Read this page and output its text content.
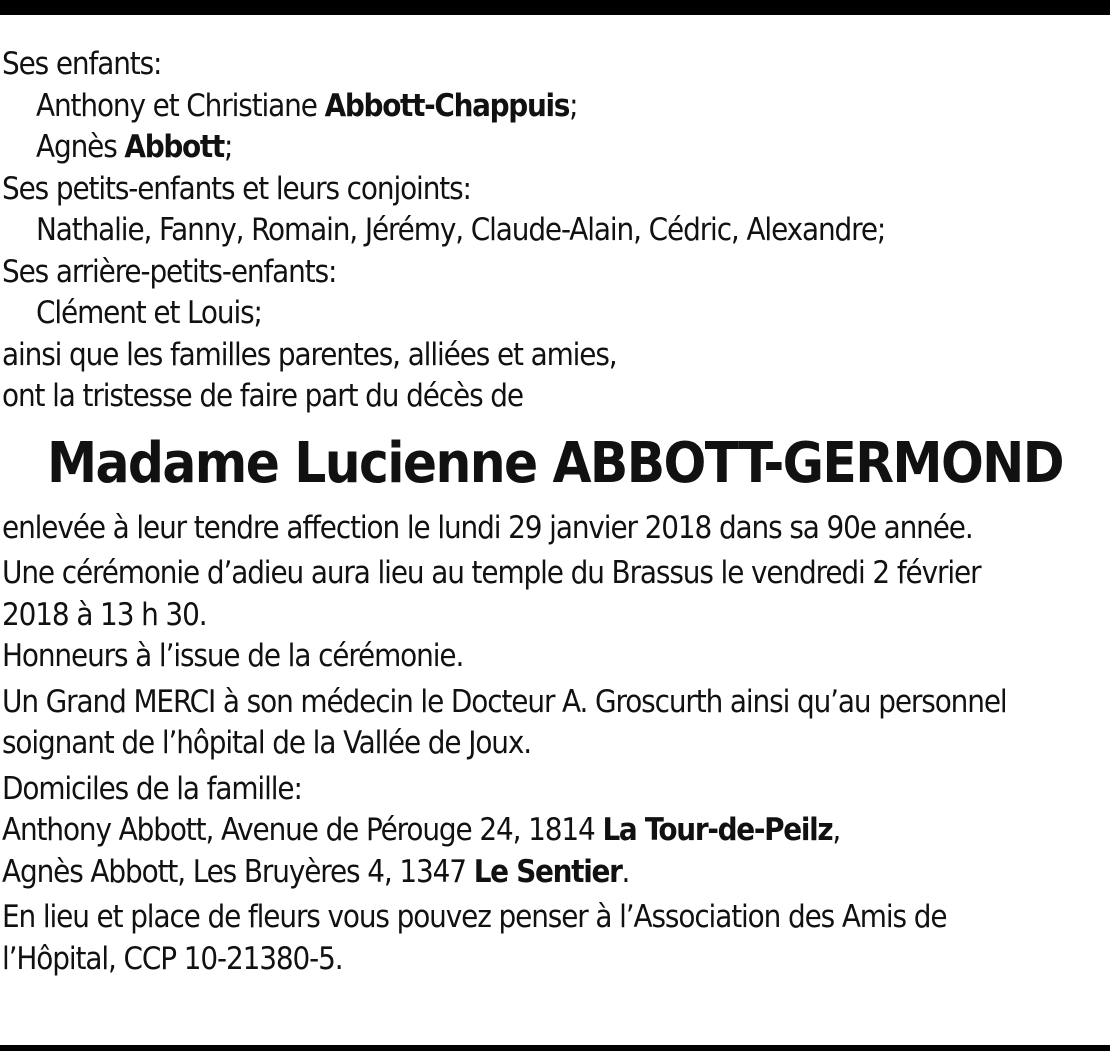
Ses enfants:
Anthony et Christiane Abbott-Chappuis;
Agnès Abbott;
Ses petits-enfants et leurs conjoints:
Nathalie, Fanny, Romain, Jérémy, Claude-Alain, Cédric, Alexandre;
Ses arrière-petits-enfants:
Clément et Louis;
ainsi que les familles parentes, alliées et amies,
ont la tristesse de faire part du décès de
Madame Lucienne ABBOTT-GERMOND
enlevée à leur tendre affection le lundi 29 janvier 2018 dans sa 90e année.
Une cérémonie d’adieu aura lieu au temple du Brassus le vendredi 2 février
2018 à 13 h 30.
Honneurs à l’issue de la cérémonie.
Un Grand MERCI à son médecin le Docteur A. Groscurth ainsi qu’au personnel
soignant de l’hôpital de la Vallée de Joux.
Domiciles de la famille:
Anthony Abbott, Avenue de Pérouge 24, 1814 La Tour-de-Peilz,
Agnès Abbott, Les Bruyères 4, 1347 Le Sentier.
En lieu et place de fleurs vous pouvez penser à l’Association des Amis de
l’Hôpital, CCP 10-21380-5.
